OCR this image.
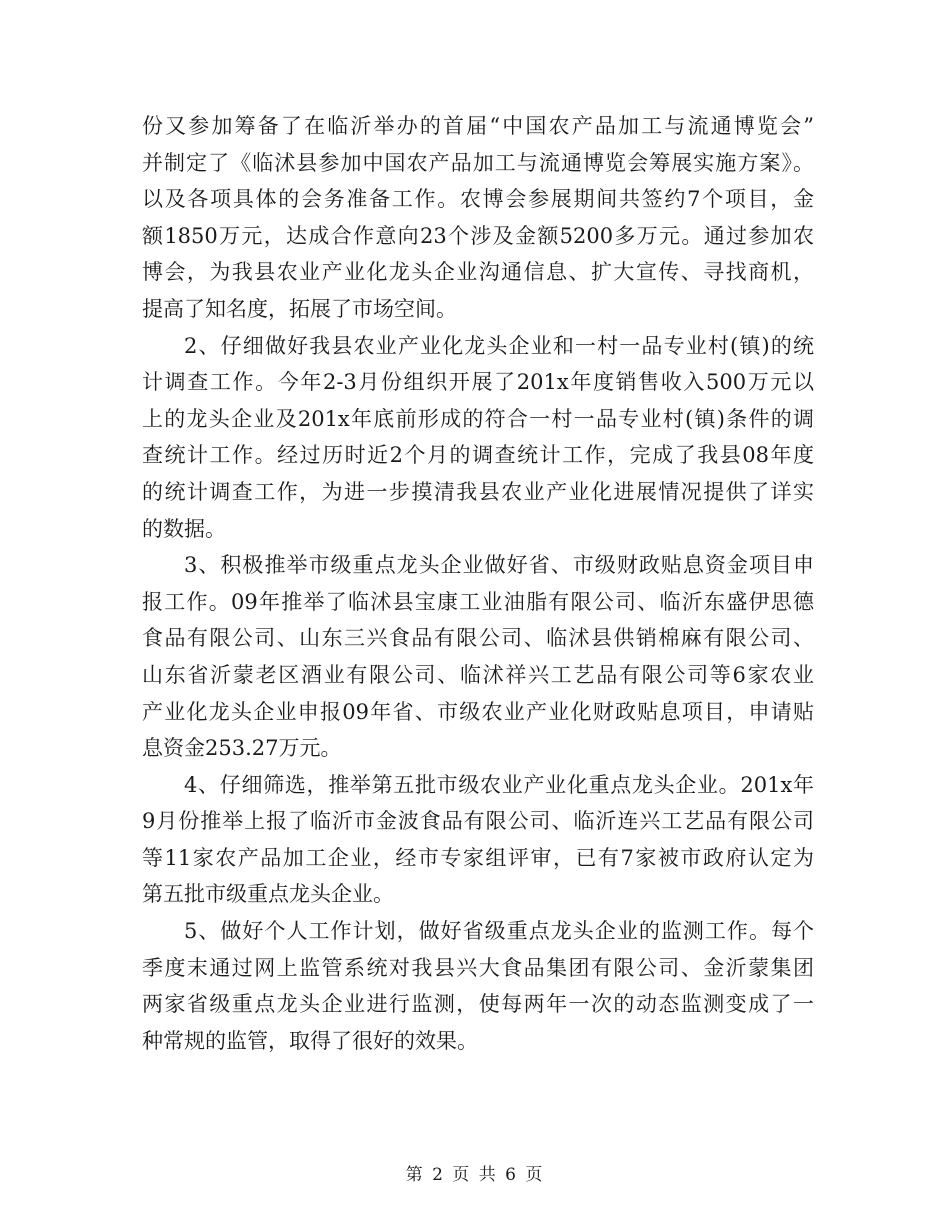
份又参加筹备了在临沂举办的首届“中国农产品加工与流通博览会”
并制定了《临沭县参加中国农产品加工与流通博览会筹展实施方案》。
以及各项具体的会务准备工作。农博会参展期间共签约7个项目，金
额1850万元，达成合作意向23个涉及金额5200多万元。通过参加农
博会，为我县农业产业化龙头企业沟通信息、扩大宣传、寻找商机，
提高了知名度，拓展了市场空间。
2、仔细做好我县农业产业化龙头企业和一村一品专业村(镇)的统
计调查工作。今年2-3月份组织开展了201x年度销售收入500万元以
上的龙头企业及201x年底前形成的符合一村一品专业村(镇)条件的调
查统计工作。经过历时近2个月的调查统计工作，完成了我县08年度
的统计调查工作，为进一步摸清我县农业产业化进展情况提供了详实
的数据。
3、积极推举市级重点龙头企业做好省、市级财政贴息资金项目申
报工作。09年推举了临沭县宝康工业油脂有限公司、临沂东盛伊思德
食品有限公司、山东三兴食品有限公司、临沭县供销棉麻有限公司、
山东省沂蒙老区酒业有限公司、临沭祥兴工艺品有限公司等6家农业
产业化龙头企业申报09年省、市级农业产业化财政贴息项目，申请贴
息资金253.27万元。
4、仔细筛选，推举第五批市级农业产业化重点龙头企业。201x年
9月份推举上报了临沂市金波食品有限公司、临沂连兴工艺品有限公司
等11家农产品加工企业，经市专家组评审，已有7家被市政府认定为
第五批市级重点龙头企业。
5、做好个人工作计划，做好省级重点龙头企业的监测工作。每个
季度末通过网上监管系统对我县兴大食品集团有限公司、金沂蒙集团
两家省级重点龙头企业进行监测，使每两年一次的动态监测变成了一
种常规的监管，取得了很好的效果。
第 2 页 共 6 页
